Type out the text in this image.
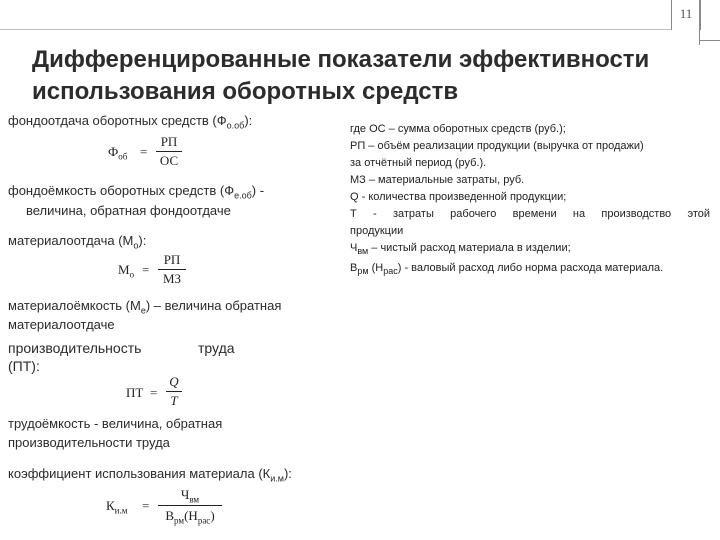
11
Дифференцированные показатели эффективности использования оборотных средств
фондоотдача оборотных средств $(Ф_{о.об})$:
$Ф_{об}$ =
РП
ОС
фондоёмкость оборотных средств $(Ф_{е.об})$ -
величина, обратная фондоотдаче
материалоотдача $(М_о)$:
$М_о$ =
РП
МЗ
материалоёмкость $(М_е)$ – величина обратная
материалоотдаче
производительность	труда
(ПТ):
ПТ =
Q
T
трудоёмкость - величина, обратная
производительности труда
коэффициент использования материала $(К_{и.м})$:
$К_{и.м}$ =
$Ч_{вм}$
$В_{рм}(Н_{рас})$

где ОС – сумма оборотных средств (руб.);

РП – объём реализации продукции (выручка от продажи)

за отчётный период (руб.).

МЗ – материальные затраты, руб.

Q - количества произведенной продукции;

Т - затраты рабочего времени на производство этой

продукции

$Ч_{вм}$ – чистый расход материала в изделии;

$В_{рм}$ $(Н_{рас})$ - валовый расход либо норма расхода материала.
